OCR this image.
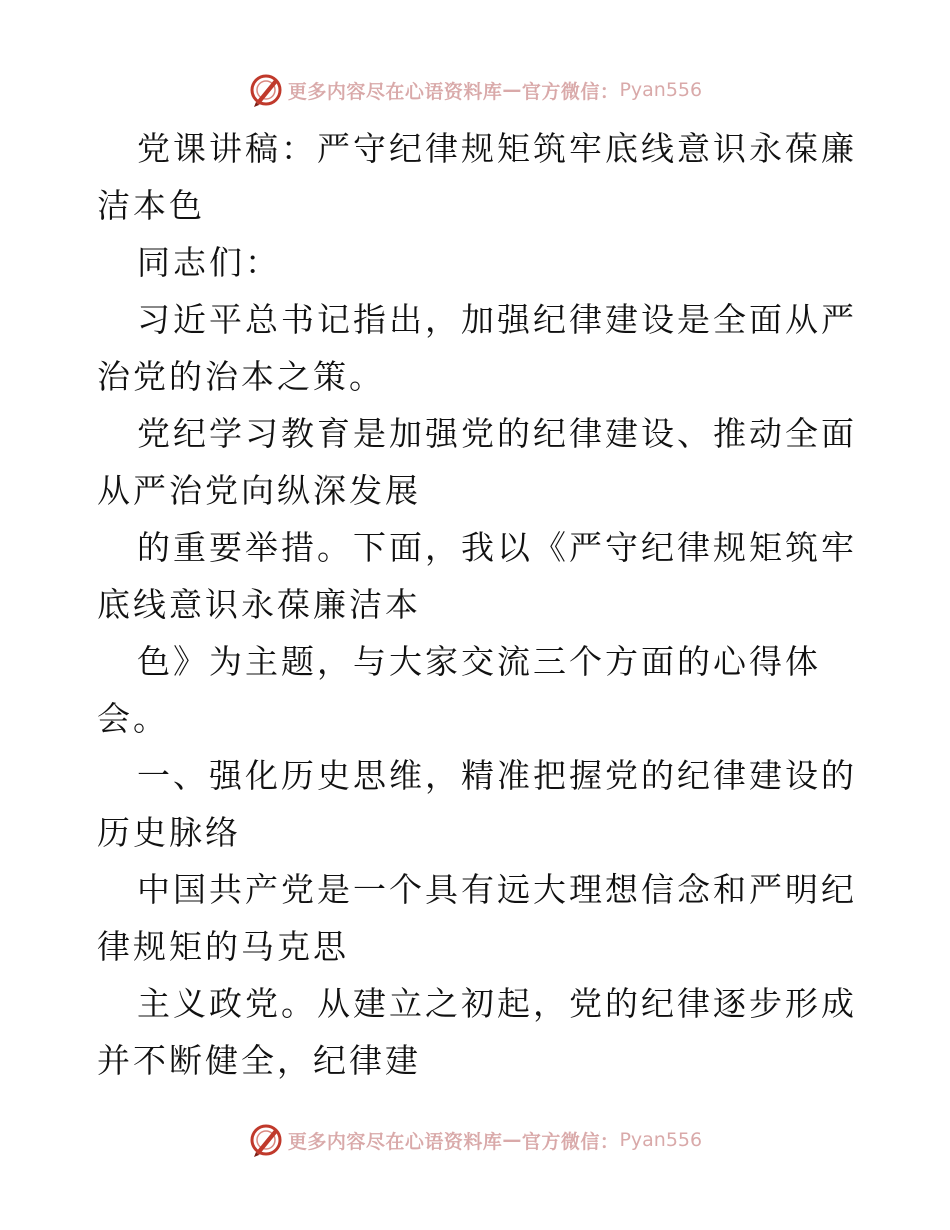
更多内容尽在心语资料库 — 官方微信： Pyan556

党课讲稿：严守纪律规矩筑牢底线意识永葆廉洁本色

同志们：

习近平总书记指出，加强纪律建设是全面从严治党的治本之策。

党纪学习教育是加强党的纪律建设、推动全面从严治党向纵深发展

的重要举措。下面，我以《严守纪律规矩筑牢底线意识永葆廉洁本

色》为主题，与大家交流三个方面的心得体会。

一、强化历史思维，精准把握党的纪律建设的历史脉络

中国共产党是一个具有远大理想信念和严明纪律规矩的马克思

主义政党。从建立之初起，党的纪律逐步形成并不断健全，纪律建

更多内容尽在心语资料库 — 官方微信： Pyan556
